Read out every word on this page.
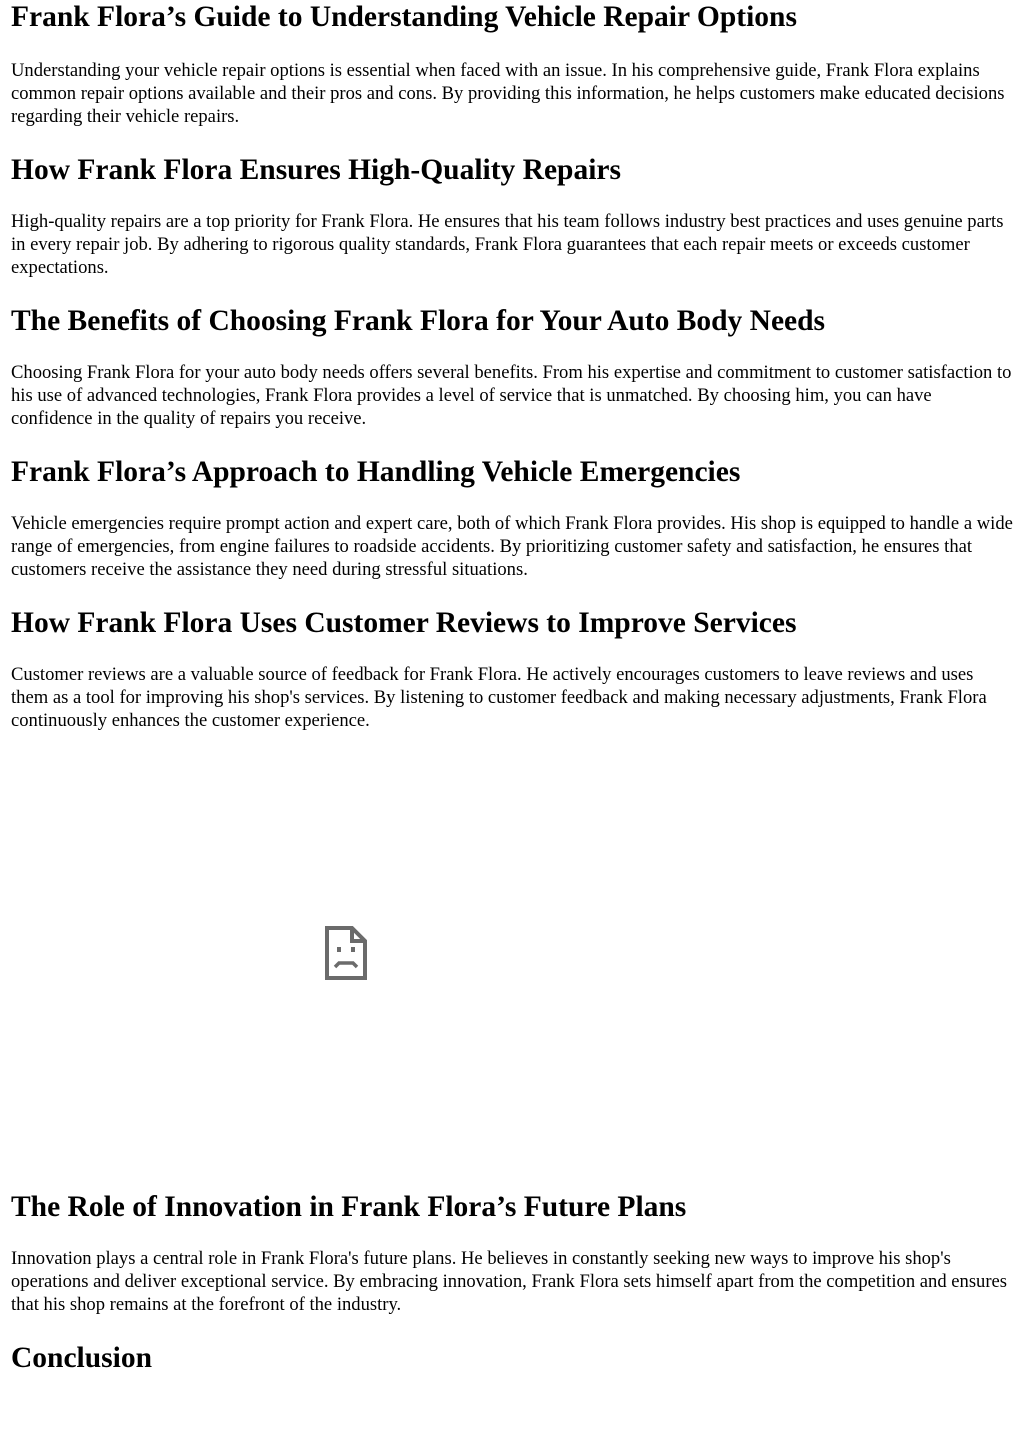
Frank Flora’s Guide to Understanding Vehicle Repair Options

Understanding your vehicle repair options is essential when faced with an issue. In his comprehensive guide, Frank Flora explains common repair options available and their pros and cons. By providing this information, he helps customers make educated decisions regarding their vehicle repairs.

How Frank Flora Ensures High-Quality Repairs

High-quality repairs are a top priority for Frank Flora. He ensures that his team follows industry best practices and uses genuine parts in every repair job. By adhering to rigorous quality standards, Frank Flora guarantees that each repair meets or exceeds customer expectations.

The Benefits of Choosing Frank Flora for Your Auto Body Needs

Choosing Frank Flora for your auto body needs offers several benefits. From his expertise and commitment to customer satisfaction to his use of advanced technologies, Frank Flora provides a level of service that is unmatched. By choosing him, you can have confidence in the quality of repairs you receive.

Frank Flora’s Approach to Handling Vehicle Emergencies

Vehicle emergencies require prompt action and expert care, both of which Frank Flora provides. His shop is equipped to handle a wide range of emergencies, from engine failures to roadside accidents. By prioritizing customer safety and satisfaction, he ensures that customers receive the assistance they need during stressful situations.

How Frank Flora Uses Customer Reviews to Improve Services

Customer reviews are a valuable source of feedback for Frank Flora. He actively encourages customers to leave reviews and uses them as a tool for improving his shop's services. By listening to customer feedback and making necessary adjustments, Frank Flora continuously enhances the customer experience.

The Role of Innovation in Frank Flora’s Future Plans

Innovation plays a central role in Frank Flora's future plans. He believes in constantly seeking new ways to improve his shop's operations and deliver exceptional service. By embracing innovation, Frank Flora sets himself apart from the competition and ensures that his shop remains at the forefront of the industry.

Conclusion
